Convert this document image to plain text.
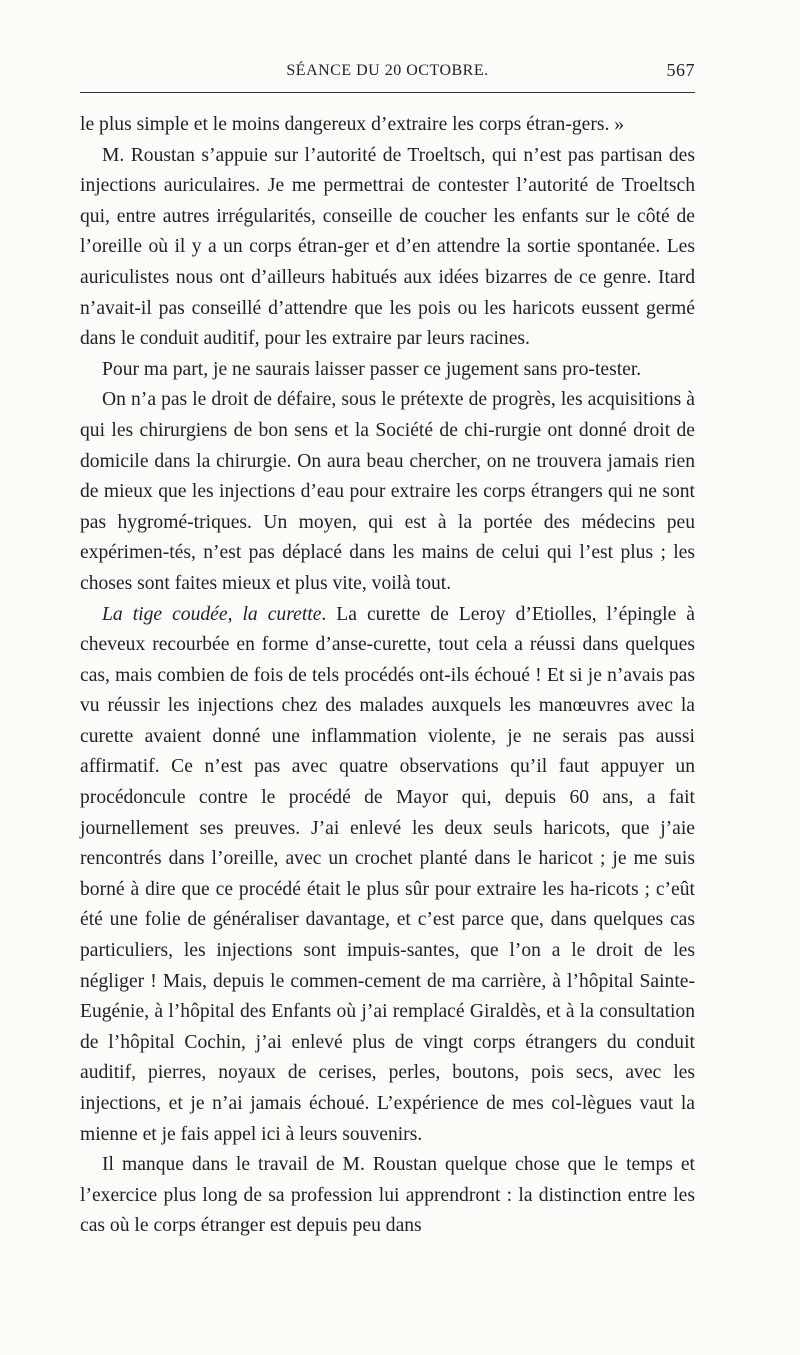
SÉANCE DU 20 OCTOBRE.	567

le plus simple et le moins dangereux d’extraire les corps étran-gers. »

M. Roustan s’appuie sur l’autorité de Troeltsch, qui n’est pas partisan des injections auriculaires. Je me permettrai de contester l’autorité de Troeltsch qui, entre autres irrégularités, conseille de coucher les enfants sur le côté de l’oreille où il y a un corps étran-ger et d’en attendre la sortie spontanée. Les auriculistes nous ont d’ailleurs habitués aux idées bizarres de ce genre. Itard n’avait-il pas conseillé d’attendre que les pois ou les haricots eussent germé dans le conduit auditif, pour les extraire par leurs racines.

Pour ma part, je ne saurais laisser passer ce jugement sans pro-tester.

On n’a pas le droit de défaire, sous le prétexte de progrès, les acquisitions à qui les chirurgiens de bon sens et la Société de chi-rurgie ont donné droit de domicile dans la chirurgie. On aura beau chercher, on ne trouvera jamais rien de mieux que les injections d’eau pour extraire les corps étrangers qui ne sont pas hygromé-triques. Un moyen, qui est à la portée des médecins peu expérimen-tés, n’est pas déplacé dans les mains de celui qui l’est plus ; les choses sont faites mieux et plus vite, voilà tout.

La tige coudée, la curette. La curette de Leroy d’Etiolles, l’épingle à cheveux recourbée en forme d’anse-curette, tout cela a réussi dans quelques cas, mais combien de fois de tels procédés ont-ils échoué ! Et si je n’avais pas vu réussir les injections chez des malades auxquels les manœuvres avec la curette avaient donné une inflammation violente, je ne serais pas aussi affirmatif. Ce n’est pas avec quatre observations qu’il faut appuyer un procédoncule contre le procédé de Mayor qui, depuis 60 ans, a fait journellement ses preuves. J’ai enlevé les deux seuls haricots, que j’aie rencontrés dans l’oreille, avec un crochet planté dans le haricot ; je me suis borné à dire que ce procédé était le plus sûr pour extraire les ha-ricots ; c’eût été une folie de généraliser davantage, et c’est parce que, dans quelques cas particuliers, les injections sont impuis-santes, que l’on a le droit de les négliger ! Mais, depuis le commen-cement de ma carrière, à l’hôpital Sainte-Eugénie, à l’hôpital des Enfants où j’ai remplacé Giraldès, et à la consultation de l’hôpital Cochin, j’ai enlevé plus de vingt corps étrangers du conduit auditif, pierres, noyaux de cerises, perles, boutons, pois secs, avec les injections, et je n’ai jamais échoué. L’expérience de mes col-lègues vaut la mienne et je fais appel ici à leurs souvenirs.

Il manque dans le travail de M. Roustan quelque chose que le temps et l’exercice plus long de sa profession lui apprendront : la distinction entre les cas où le corps étranger est depuis peu dans
